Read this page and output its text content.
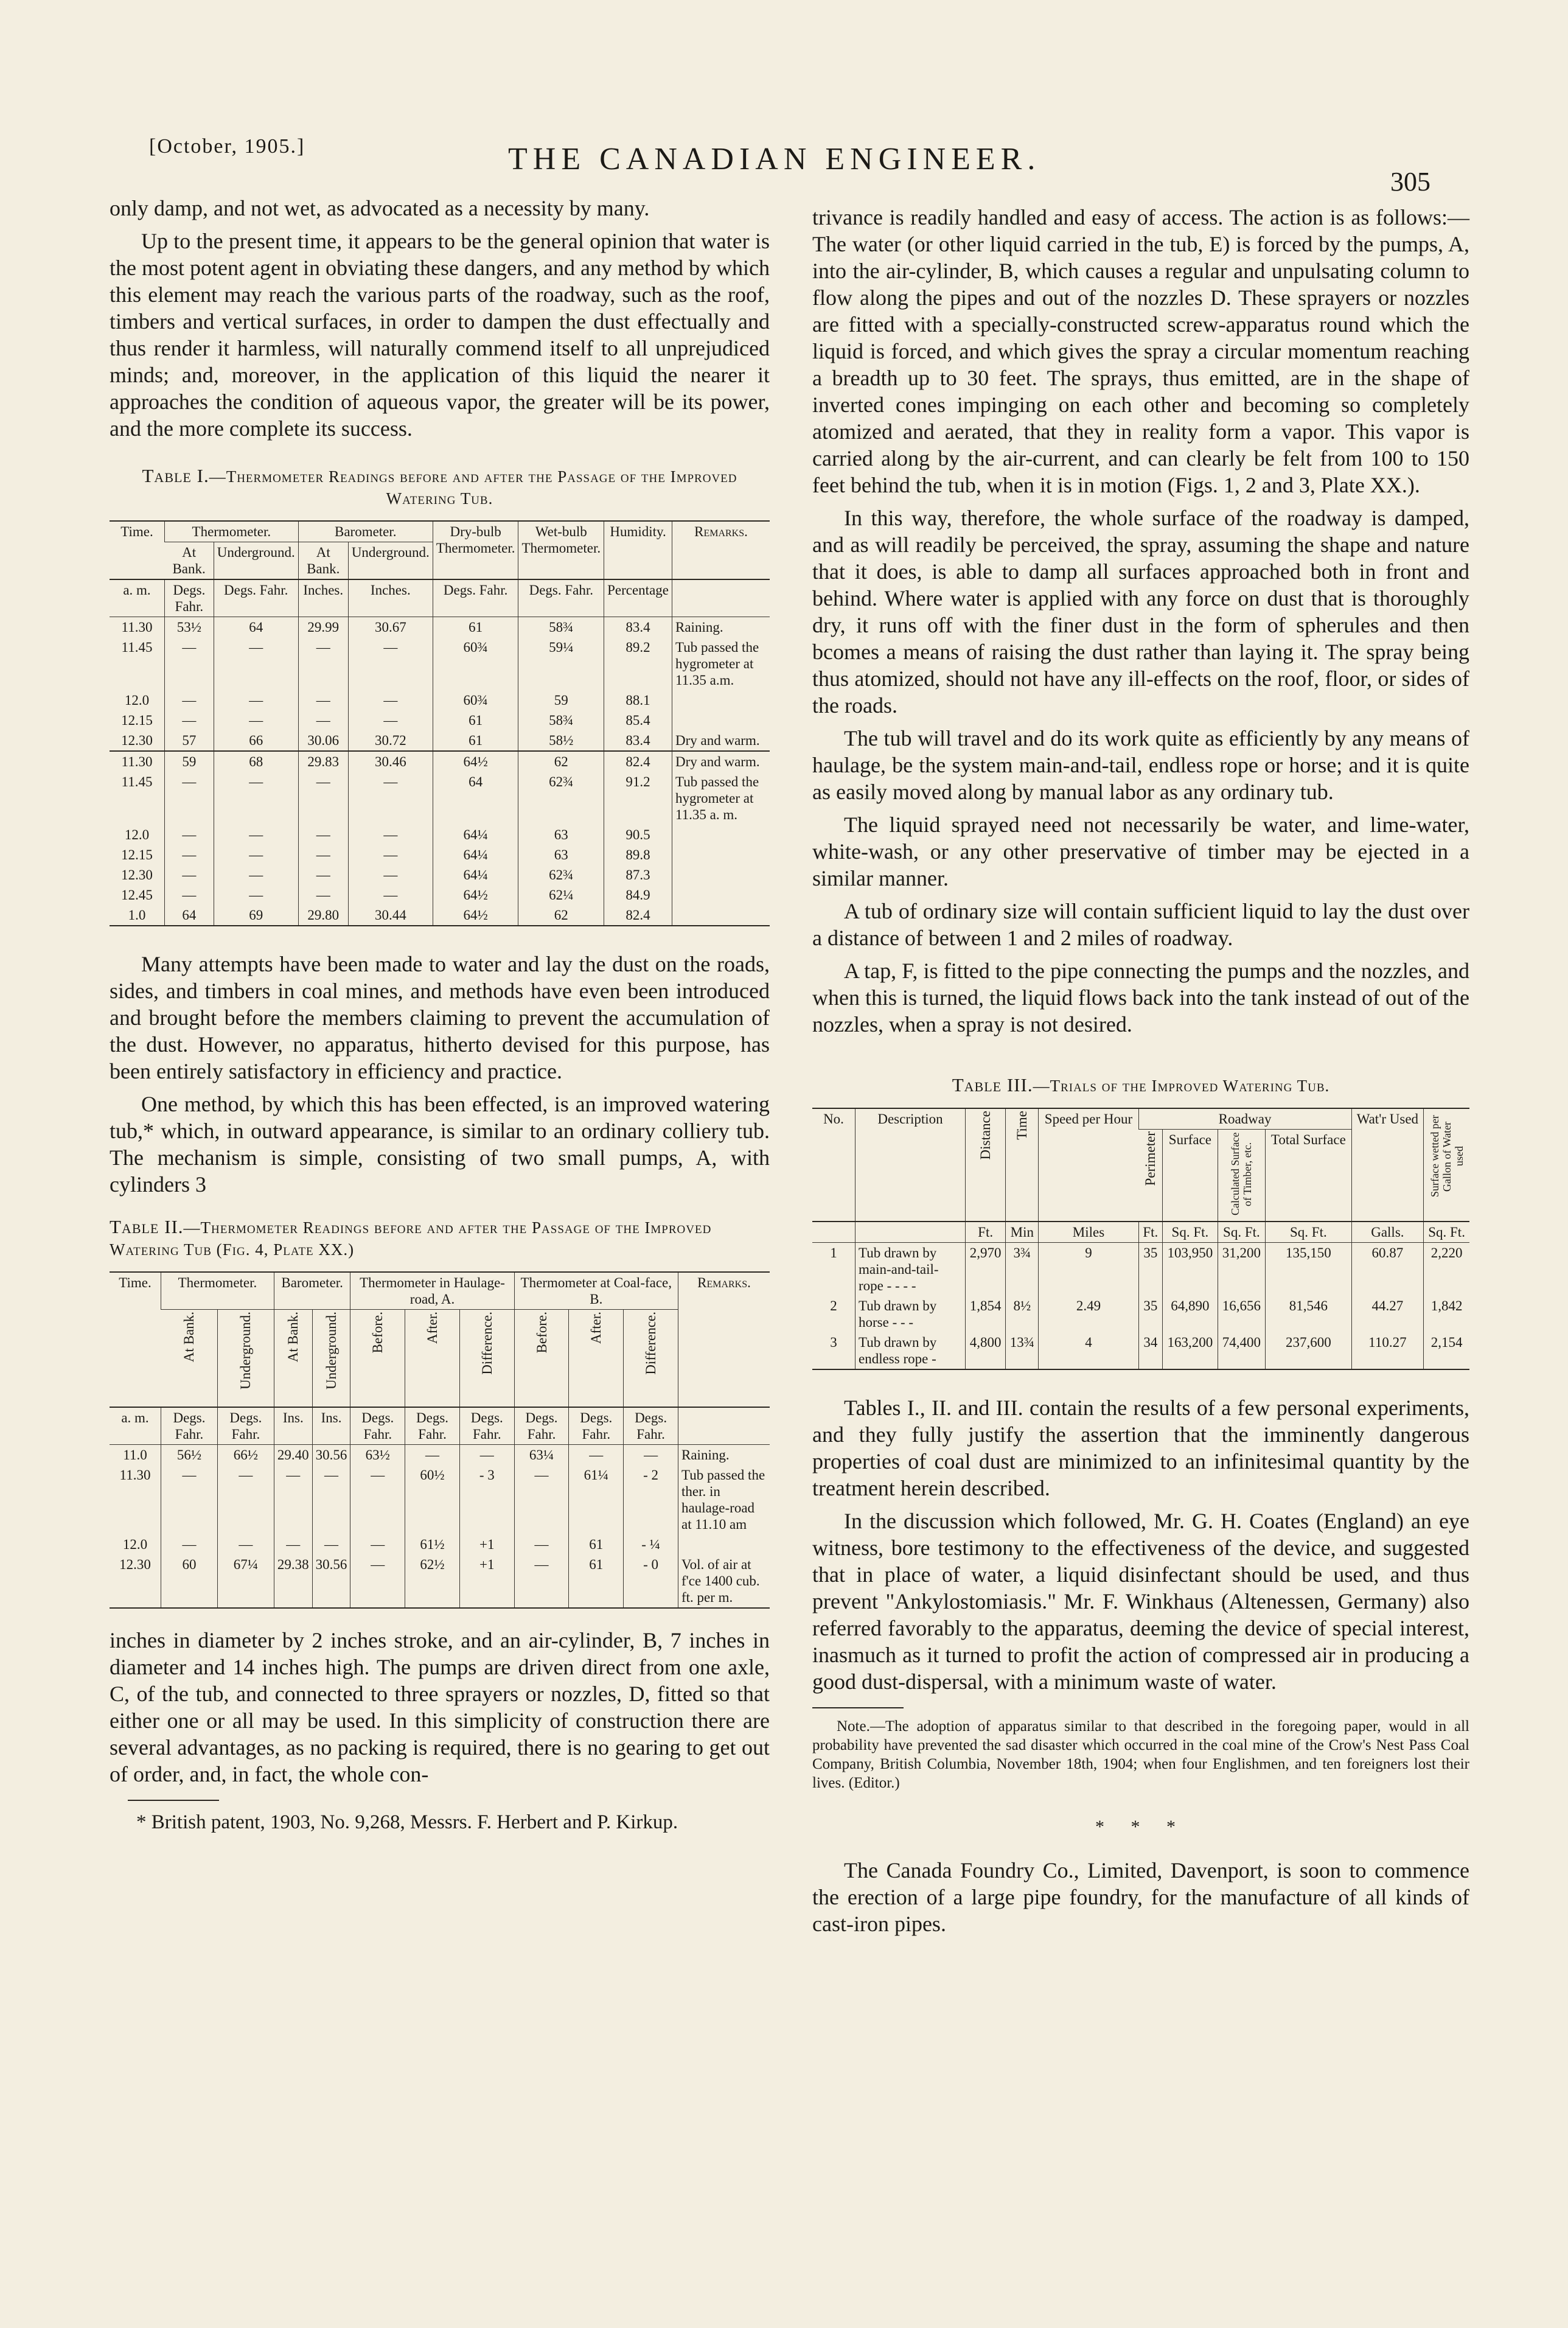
[October, 1905.]	THE CANADIAN ENGINEER.
305

only damp, and not wet, as advocated as a necessity by many.

Up to the present time, it appears to be the general opinion that water is the most potent agent in obviating these dangers, and any method by which this element may reach the various parts of the roadway, such as the roof, timbers and vertical surfaces, in order to dampen the dust effectually and thus render it harmless, will naturally commend itself to all unprejudiced minds; and, moreover, in the application of this liquid the nearer it approaches the condition of aqueous vapor, the greater will be its power, and the more complete its success.

Table I.—Thermometer Readings before and after the Passage of the Improved Watering Tub.
Time.	Thermometer.		Barometer.		Dry-bulb Thermometer.	Wet-bulb Thermometer.	Humidity.	Remarks.
	At Bank.	Underground.	At Bank.	Underground.				
a. m.	Degs. Fahr.	Degs. Fahr.	Inches.	Inches.	Degs. Fahr.	Degs. Fahr.	Percentage	
11.30	53½	64	29.99	30.67	61	58¾	83.4	Raining.
11.45	—	—	—	—	60¾	59¼	89.2	Tub passed the hygrometer at 11.35 a.m.
12.0	—	—	—	—	60¾	59	88.1	
12.15	—	—	—	—	61	58¾	85.4	
12.30	57	66	30.06	30.72	61	58½	83.4	Dry and warm.
11.30	59	68	29.83	30.46	64½	62	82.4	Dry and warm.
11.45	—	—	—	—	64	62¾	91.2	Tub passed the hygrometer at 11.35 a. m.
12.0	—	—	—	—	64¼	63	90.5	
12.15	—	—	—	—	64¼	63	89.8	
12.30	—	—	—	—	64¼	62¾	87.3	
12.45	—	—	—	—	64½	62¼	84.9	
1.0	64	69	29.80	30.44	64½	62	82.4	

Many attempts have been made to water and lay the dust on the roads, sides, and timbers in coal mines, and methods have even been introduced and brought before the members claiming to prevent the accumulation of the dust. However, no apparatus, hitherto devised for this purpose, has been entirely satisfactory in efficiency and practice.

One method, by which this has been effected, is an improved watering tub,* which, in outward appearance, is similar to an ordinary colliery tub. The mechanism is simple, consisting of two small pumps, A, with cylinders 3

Table II.—Thermometer Readings before and after the Passage of the Improved Watering Tub (Fig. 4, Plate XX.)
Time.	Thermometer.		Barometer.		Thermometer in Haulage-road, A.			Thermometer at Coal-face, B.			Remarks.
	At Bank.	Underground.	At Bank.	Underground.	Before.	After.	Difference.	Before.	After.	Difference.	
a. m.	Degs. Fahr.	Degs. Fahr.	Ins.	Ins.	Degs. Fahr.	Degs. Fahr.	Degs. Fahr.	Degs. Fahr.	Degs. Fahr.	Degs. Fahr.	
11.0	56½	66½	29.40	30.56	63½	—	—	63¼	—	—	Raining.
11.30	—	—	—	—	—	60½	- 3	—	61¼	- 2	Tub passed the ther. in haulage-road at 11.10 am
12.0	—	—	—	—	—	61½	+1	—	61	- ¼	
12.30	60	67¼	29.38	30.56	—	62½	+1	—	61	- 0	Vol. of air at f'ce 1400 cub. ft. per m.

inches in diameter by 2 inches stroke, and an air-cylinder, B, 7 inches in diameter and 14 inches high. The pumps are driven direct from one axle, C, of the tub, and connected to three sprayers or nozzles, D, fitted so that either one or all may be used. In this simplicity of construction there are several advantages, as no packing is required, there is no gearing to get out of order, and, in fact, the whole con-

* British patent, 1903, No. 9,268, Messrs. F. Herbert and P. Kirkup.

trivance is readily handled and easy of access. The action is as follows:—The water (or other liquid carried in the tub, E) is forced by the pumps, A, into the air-cylinder, B, which causes a regular and unpulsating column to flow along the pipes and out of the nozzles D. These sprayers or nozzles are fitted with a specially-constructed screw-apparatus round which the liquid is forced, and which gives the spray a circular momentum reaching a breadth up to 30 feet. The sprays, thus emitted, are in the shape of inverted cones impinging on each other and becoming so completely atomized and aerated, that they in reality form a vapor. This vapor is carried along by the air-current, and can clearly be felt from 100 to 150 feet behind the tub, when it is in motion (Figs. 1, 2 and 3, Plate XX.).

In this way, therefore, the whole surface of the roadway is damped, and as will readily be perceived, the spray, assuming the shape and nature that it does, is able to damp all surfaces approached both in front and behind. Where water is applied with any force on dust that is thoroughly dry, it runs off with the finer dust in the form of spherules and then bcomes a means of raising the dust rather than laying it. The spray being thus atomized, should not have any ill-effects on the roof, floor, or sides of the roads.

The tub will travel and do its work quite as efficiently by any means of haulage, be the system main-and-tail, endless rope or horse; and it is quite as easily moved along by manual labor as any ordinary tub.

The liquid sprayed need not necessarily be water, and lime-water, white-wash, or any other preservative of timber may be ejected in a similar manner.

A tub of ordinary size will contain sufficient liquid to lay the dust over a distance of between 1 and 2 miles of roadway.

A tap, F, is fitted to the pipe connecting the pumps and the nozzles, and when this is turned, the liquid flows back into the tank instead of out of the nozzles, when a spray is not desired.

Table III.—Trials of the Improved Watering Tub.
No.	Description	Distance	Time	Speed per Hour	Roadway				Wat'r Used	Surface wetted per Gallon of Water used
					Perimeter	Surface	Calculated Surface of Timber, etc.	Total Surface		
		Ft.	Min	Miles	Ft.	Sq. Ft.	Sq. Ft.	Sq. Ft.	Galls.	Sq. Ft.
1	Tub drawn by main-and-tail-rope - - - -	2,970	3¾	9	35	103,950	31,200	135,150	60.87	2,220
2	Tub drawn by horse - - -	1,854	8½	2.49	35	64,890	16,656	81,546	44.27	1,842
3	Tub drawn by endless rope -	4,800	13¾	4	34	163,200	74,400	237,600	110.27	2,154

Tables I., II. and III. contain the results of a few personal experiments, and they fully justify the assertion that the imminently dangerous properties of coal dust are minimized to an infinitesimal quantity by the treatment herein described.

In the discussion which followed, Mr. G. H. Coates (England) an eye witness, bore testimony to the effectiveness of the device, and suggested that in place of water, a liquid disinfectant should be used, and thus prevent "Ankylostomiasis." Mr. F. Winkhaus (Altenessen, Germany) also referred favorably to the apparatus, deeming the device of special interest, inasmuch as it turned to profit the action of compressed air in producing a good dust-dispersal, with a minimum waste of water.

Note.—The adoption of apparatus similar to that described in the foregoing paper, would in all probability have prevented the sad disaster which occurred in the coal mine of the Crow's Nest Pass Coal Company, British Columbia, November 18th, 1904; when four Englishmen, and ten foreigners lost their lives. (Editor.)

* * *

The Canada Foundry Co., Limited, Davenport, is soon to commence the erection of a large pipe foundry, for the manufacture of all kinds of cast-iron pipes.
